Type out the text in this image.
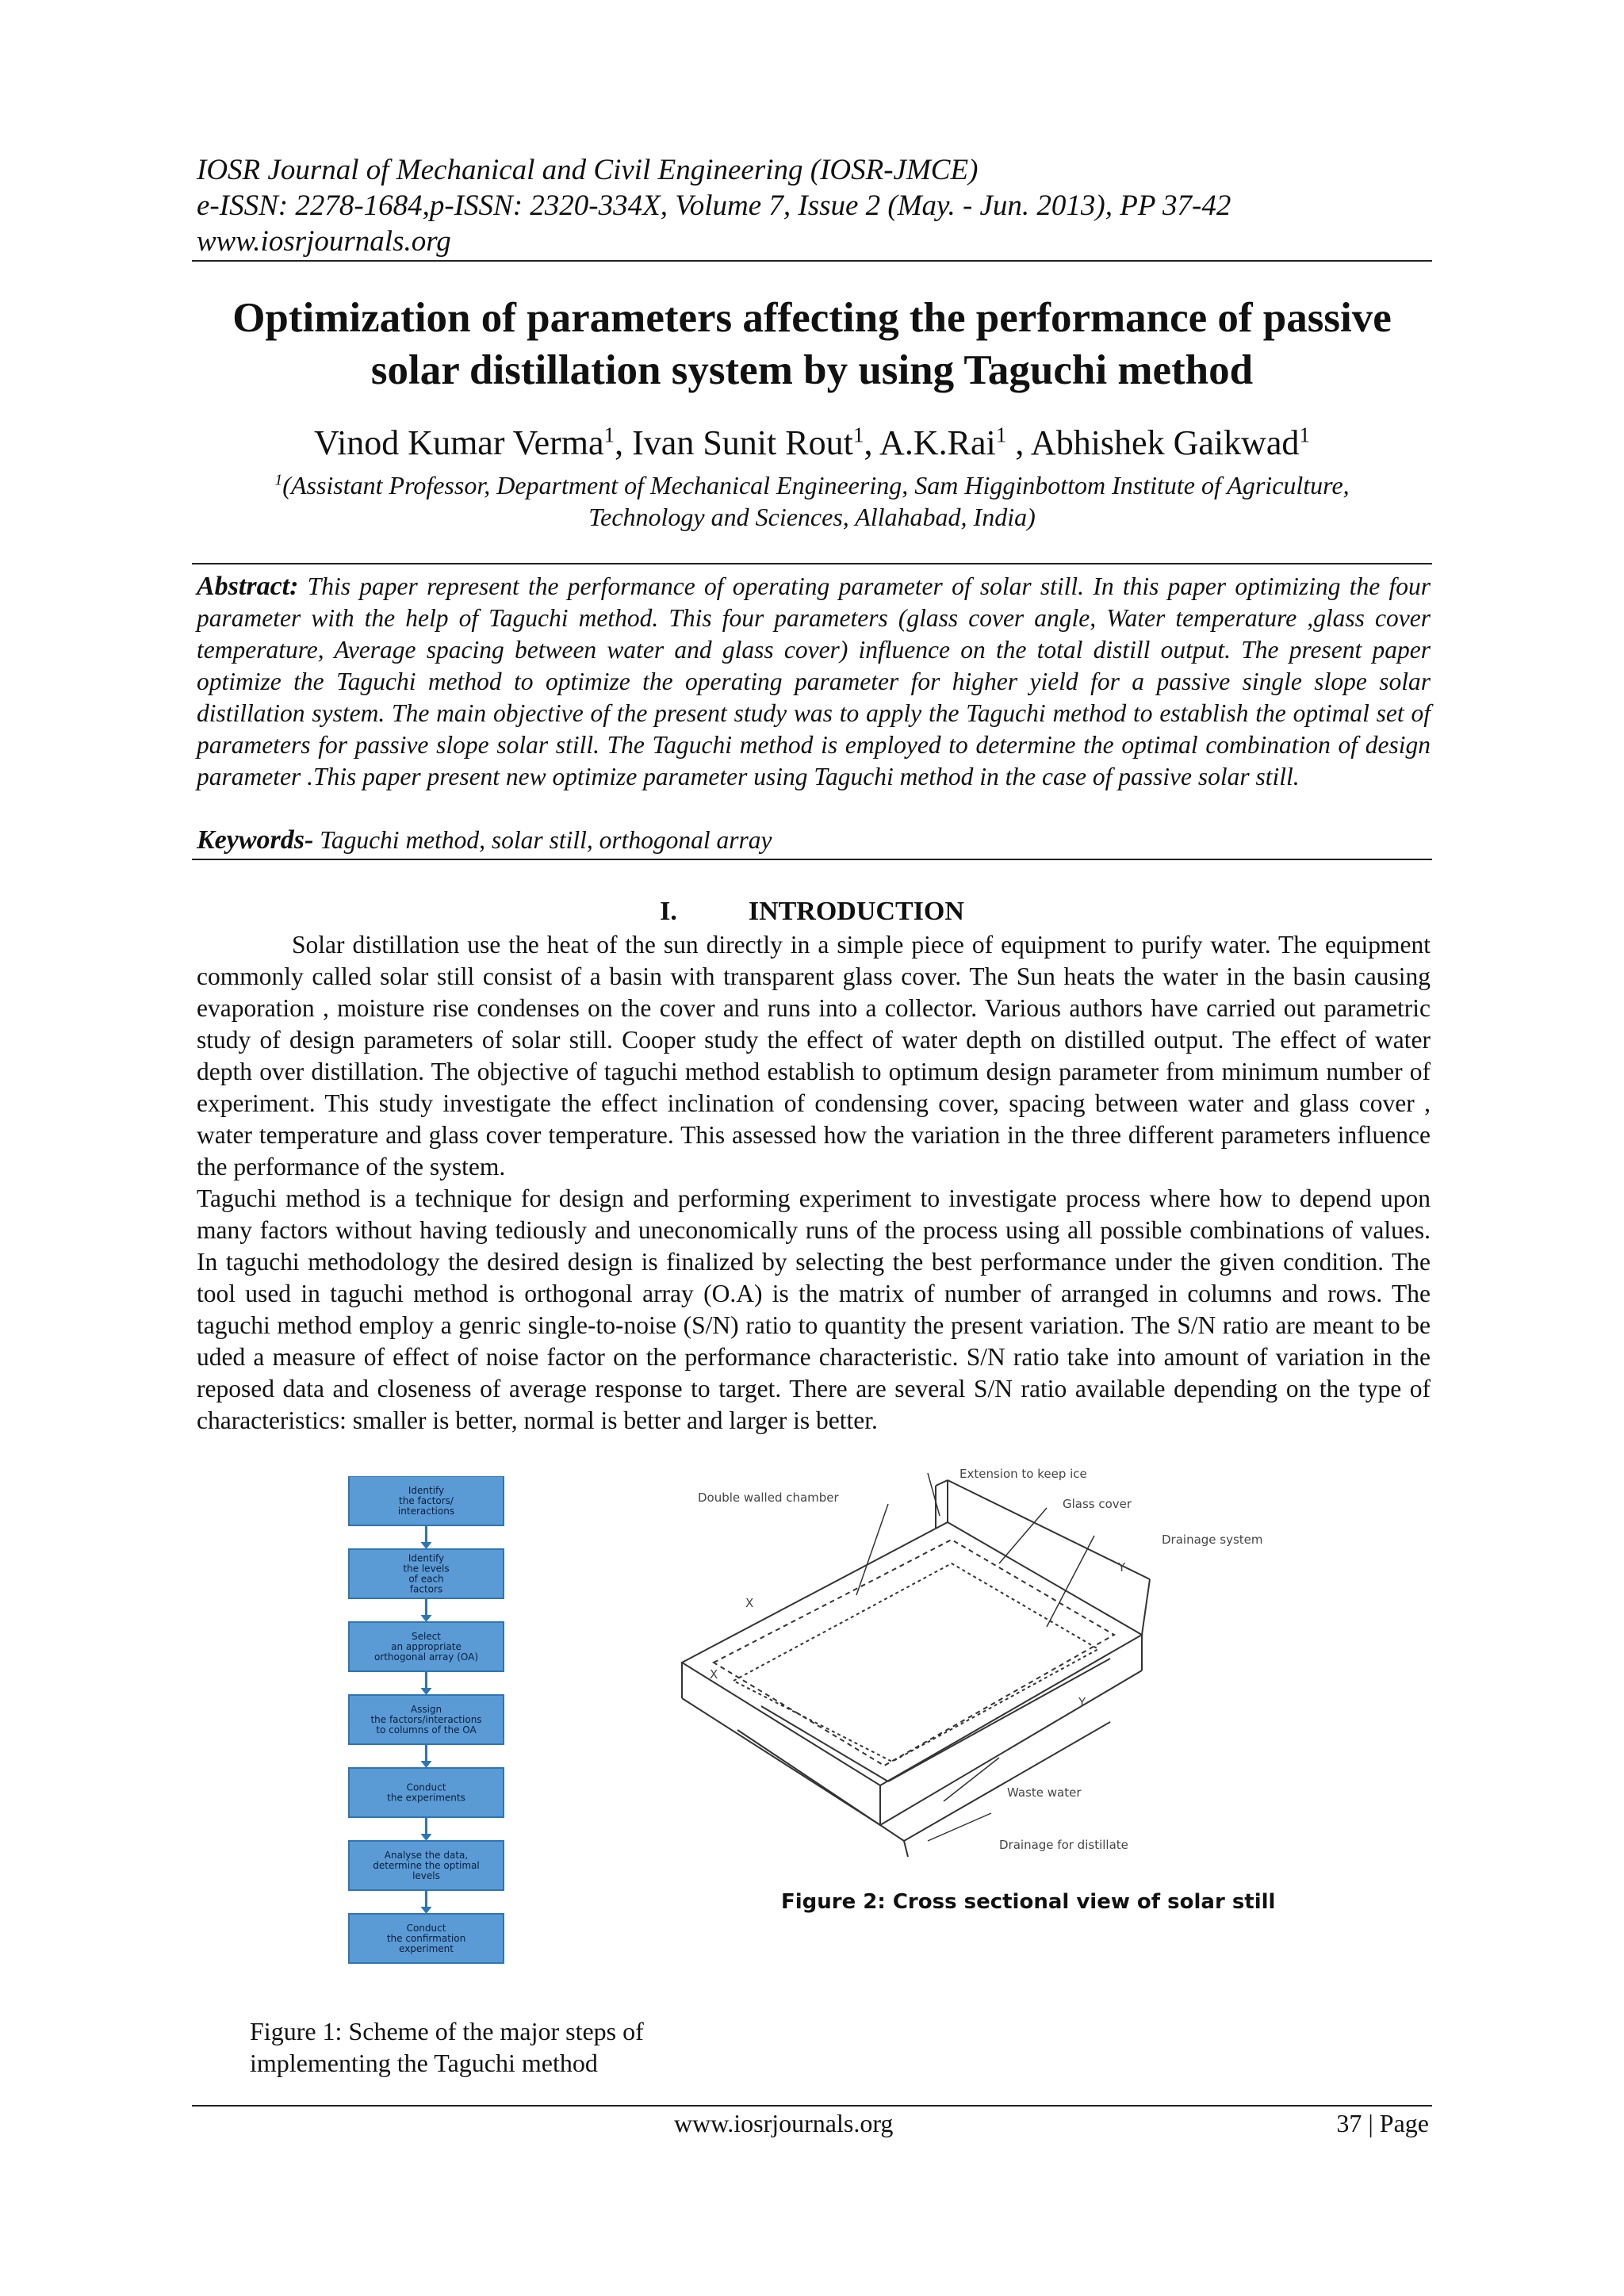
IOSR Journal of Mechanical and Civil Engineering (IOSR-JMCE)
e-ISSN: 2278-1684,p-ISSN: 2320-334X, Volume 7, Issue 2 (May. - Jun. 2013), PP 37-42
www.iosrjournals.org
Optimization of parameters affecting the performance of passive
solar distillation system by using Taguchi method
Vinod Kumar Verma$^1$, Ivan Sunit Rout$^1$, A.K.Rai$^1$ , Abhishek Gaikwad$^1$
$^1$(Assistant Professor, Department of Mechanical Engineering, Sam Higginbottom Institute of Agriculture,
Technology and Sciences, Allahabad, India)
Abstract: This paper represent the performance of operating parameter of solar still. In this paper optimizing the four parameter with the help of Taguchi method. This four parameters (glass cover angle, Water temperature ,glass cover temperature, Average spacing between water and glass cover) influence on the total distill output. The present paper optimize the Taguchi method to optimize the operating parameter for higher yield for a passive single slope solar distillation system. The main objective of the present study was to apply the Taguchi method to establish the optimal set of parameters for passive slope solar still. The Taguchi method is employed to determine the optimal combination of design parameter .This paper present new optimize parameter using Taguchi method in the case of passive solar still.
Keywords- Taguchi method, solar still, orthogonal array
I.	INTRODUCTION

Solar distillation use the heat of the sun directly in a simple piece of equipment to purify water. The equipment commonly called solar still consist of a basin with transparent glass cover. The Sun heats the water in the basin causing evaporation , moisture rise condenses on the cover and runs into a collector. Various authors have carried out parametric study of design parameters of solar still. Cooper study the effect of water depth on distilled output. The effect of water depth over distillation. The objective of taguchi method establish to optimum design parameter from minimum number of experiment. This study investigate the effect inclination of condensing cover, spacing between water and glass cover , water temperature and glass cover temperature. This assessed how the variation in the three different parameters influence the performance of the system.

Taguchi method is a technique for design and performing experiment to investigate process where how to depend upon many factors without having tediously and uneconomically runs of the process using all possible combinations of values. In taguchi methodology the desired design is finalized by selecting the best performance under the given condition. The tool used in taguchi method is orthogonal array (O.A) is the matrix of number of arranged in columns and rows. The taguchi method employ a genric single-to-noise (S/N) ratio to quantity the present variation. The S/N ratio are meant to be uded a measure of effect of noise factor on the performance characteristic. S/N ratio take into amount of variation in the reposed data and closeness of average response to target. There are several S/N ratio available depending on the type of characteristics: smaller is better, normal is better and larger is better.

Identify
the factors/
interactions
Identify
the levels
of each
factors
Select
an appropriate
orthogonal array (OA)
Assign
the factors/interactions
to columns of the OA
Conduct
the experiments
Analyse the data,
determine the optimal
levels
Conduct
the confirmation
experiment
Figure 1: Scheme of the major steps of
implementing the Taguchi method
Extension to keep ice
Double walled chamber	Glass cover
Drainage system
Waste water
Drainage for distillate
X
Y
X
Y
Figure 2: Cross sectional view of solar still
www.iosrjournals.org	37 | Page
